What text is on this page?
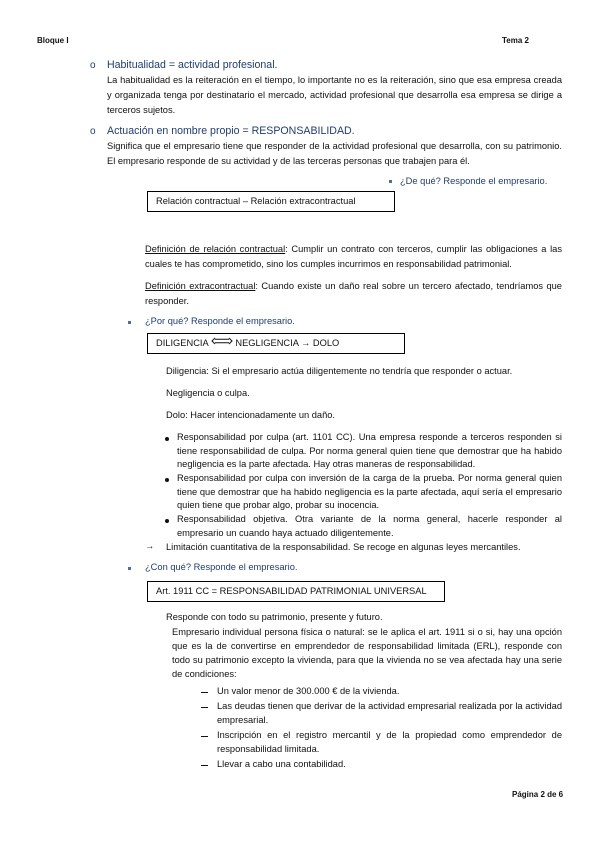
Bloque I	Tema 2
o Habitualidad = actividad profesional.
La habitualidad es la reiteración en el tiempo, lo importante no es la reiteración, sino que esa empresa creada y organizada tenga por destinatario el mercado, actividad profesional que desarrolla esa empresa se dirige a terceros sujetos.
o Actuación en nombre propio = RESPONSABILIDAD.
Significa que el empresario tiene que responder de la actividad profesional que desarrolla, con su patrimonio. El empresario responde de su actividad y de las terceras personas que trabajen para él.
Relación contractual – Relación extracontractual
¿De qué? Responde el empresario.
Definición de relación contractual: Cumplir un contrato con terceros, cumplir las obligaciones a las cuales te has comprometido, sino los cumples incurrimos en responsabilidad patrimonial.
Definición extracontractual: Cuando existe un daño real sobre un tercero afectado, tendríamos que responder.
¿Por qué? Responde el empresario.
DILIGENCIA	NEGLIGENCIA → DOLO
Diligencia: Si el empresario actúa diligentemente no tendría que responder o actuar.
Negligencia o culpa.
Dolo: Hacer intencionadamente un daño.
Responsabilidad por culpa (art. 1101 CC). Una empresa responde a terceros responden si tiene responsabilidad de culpa. Por norma general quien tiene que demostrar que ha habido negligencia es la parte afectada. Hay otras maneras de responsabilidad.
Responsabilidad por culpa con inversión de la carga de la prueba. Por norma general quien tiene que demostrar que ha habido negligencia es la parte afectada, aquí sería el empresario quien tiene que probar algo, probar su inocencia.
Responsabilidad objetiva. Otra variante de la norma general, hacerle responder al empresario un cuando haya actuado diligentemente.
→ Limitación cuantitativa de la responsabilidad. Se recoge en algunas leyes mercantiles.
¿Con qué? Responde el empresario.
Art. 1911 CC = RESPONSABILIDAD PATRIMONIAL UNIVERSAL
Responde con todo su patrimonio, presente y futuro.
Empresario individual persona física o natural: se le aplica el art. 1911 si o si, hay una opción que es la de convertirse en emprendedor de responsabilidad limitada (ERL), responde con todo su patrimonio excepto la vivienda, para que la vivienda no se vea afectada hay una serie de condiciones:
Un valor menor de 300.000 € de la vivienda.
Las deudas tienen que derivar de la actividad empresarial realizada por la actividad empresarial.
Inscripción en el registro mercantil y de la propiedad como emprendedor de responsabilidad limitada.
Llevar a cabo una contabilidad.
Página 2 de 6
